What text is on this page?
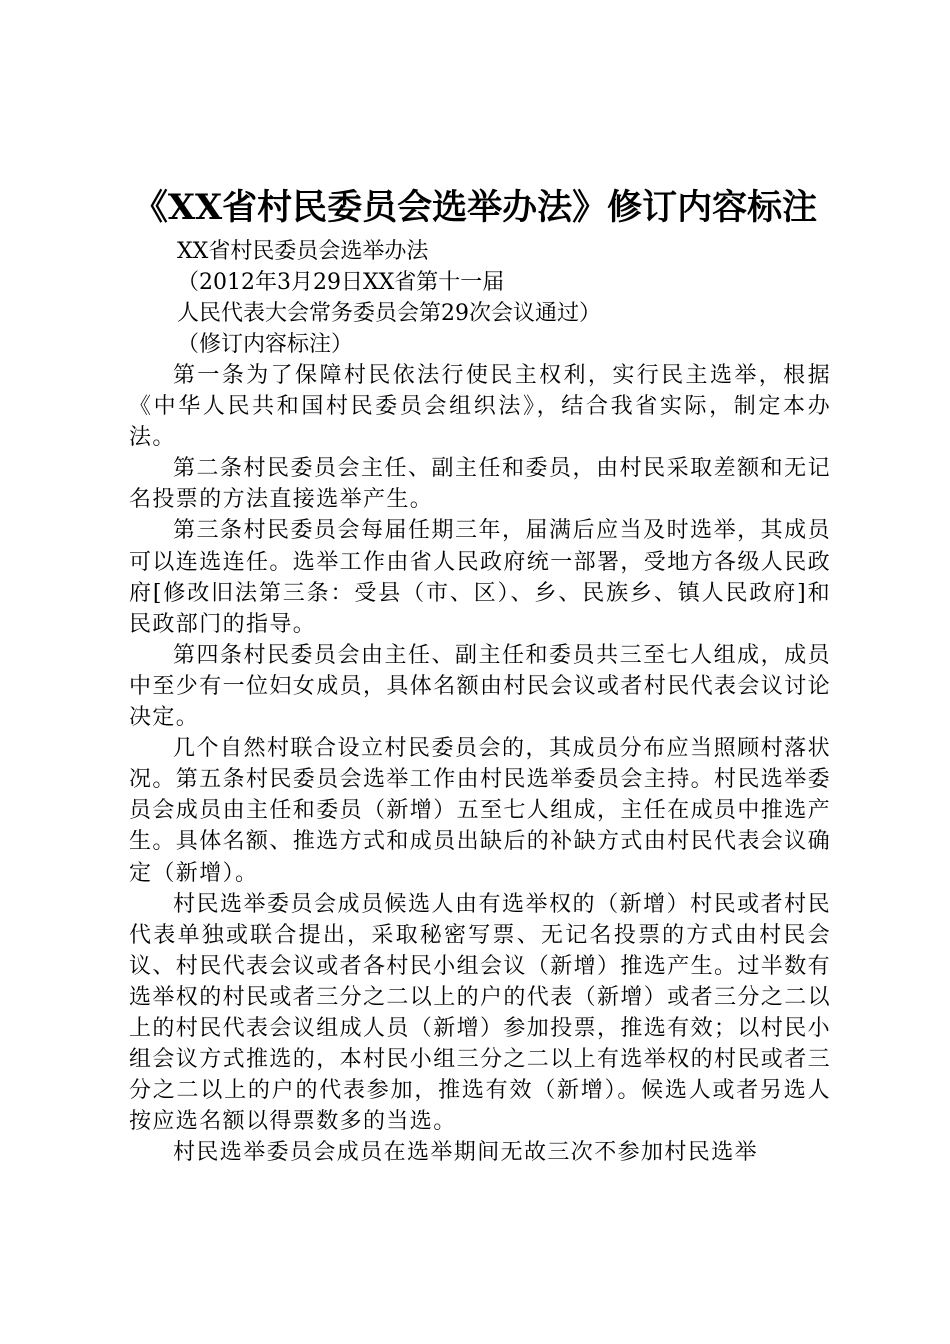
《XX省村民委员会选举办法》修订内容标注

XX省村民委员会选举办法

（2012年3月29日XX省第十一届

人民代表大会常务委员会第29次会议通过）

（修订内容标注）

第一条为了保障村民依法行使民主权利，实行民主选举，根据《中华人民共和国村民委员会组织法》，结合我省实际，制定本办法。

第二条村民委员会主任、副主任和委员，由村民采取差额和无记名投票的方法直接选举产生。

第三条村民委员会每届任期三年，届满后应当及时选举，其成员可以连选连任。选举工作由省人民政府统一部署，受地方各级人民政府[修改旧法第三条：受县（市、区）、乡、民族乡、镇人民政府]和民政部门的指导。

第四条村民委员会由主任、副主任和委员共三至七人组成，成员中至少有一位妇女成员，具体名额由村民会议或者村民代表会议讨论决定。

几个自然村联合设立村民委员会的，其成员分布应当照顾村落状况。第五条村民委员会选举工作由村民选举委员会主持。村民选举委员会成员由主任和委员（新增）五至七人组成，主任在成员中推选产生。具体名额、推选方式和成员出缺后的补缺方式由村民代表会议确定（新增）。

村民选举委员会成员候选人由有选举权的（新增）村民或者村民代表单独或联合提出，采取秘密写票、无记名投票的方式由村民会议、村民代表会议或者各村民小组会议（新增）推选产生。过半数有选举权的村民或者三分之二以上的户的代表（新增）或者三分之二以上的村民代表会议组成人员（新增）参加投票，推选有效；以村民小组会议方式推选的，本村民小组三分之二以上有选举权的村民或者三分之二以上的户的代表参加，推选有效（新增）。候选人或者另选人按应选名额以得票数多的当选。

村民选举委员会成员在选举期间无故三次不参加村民选举
